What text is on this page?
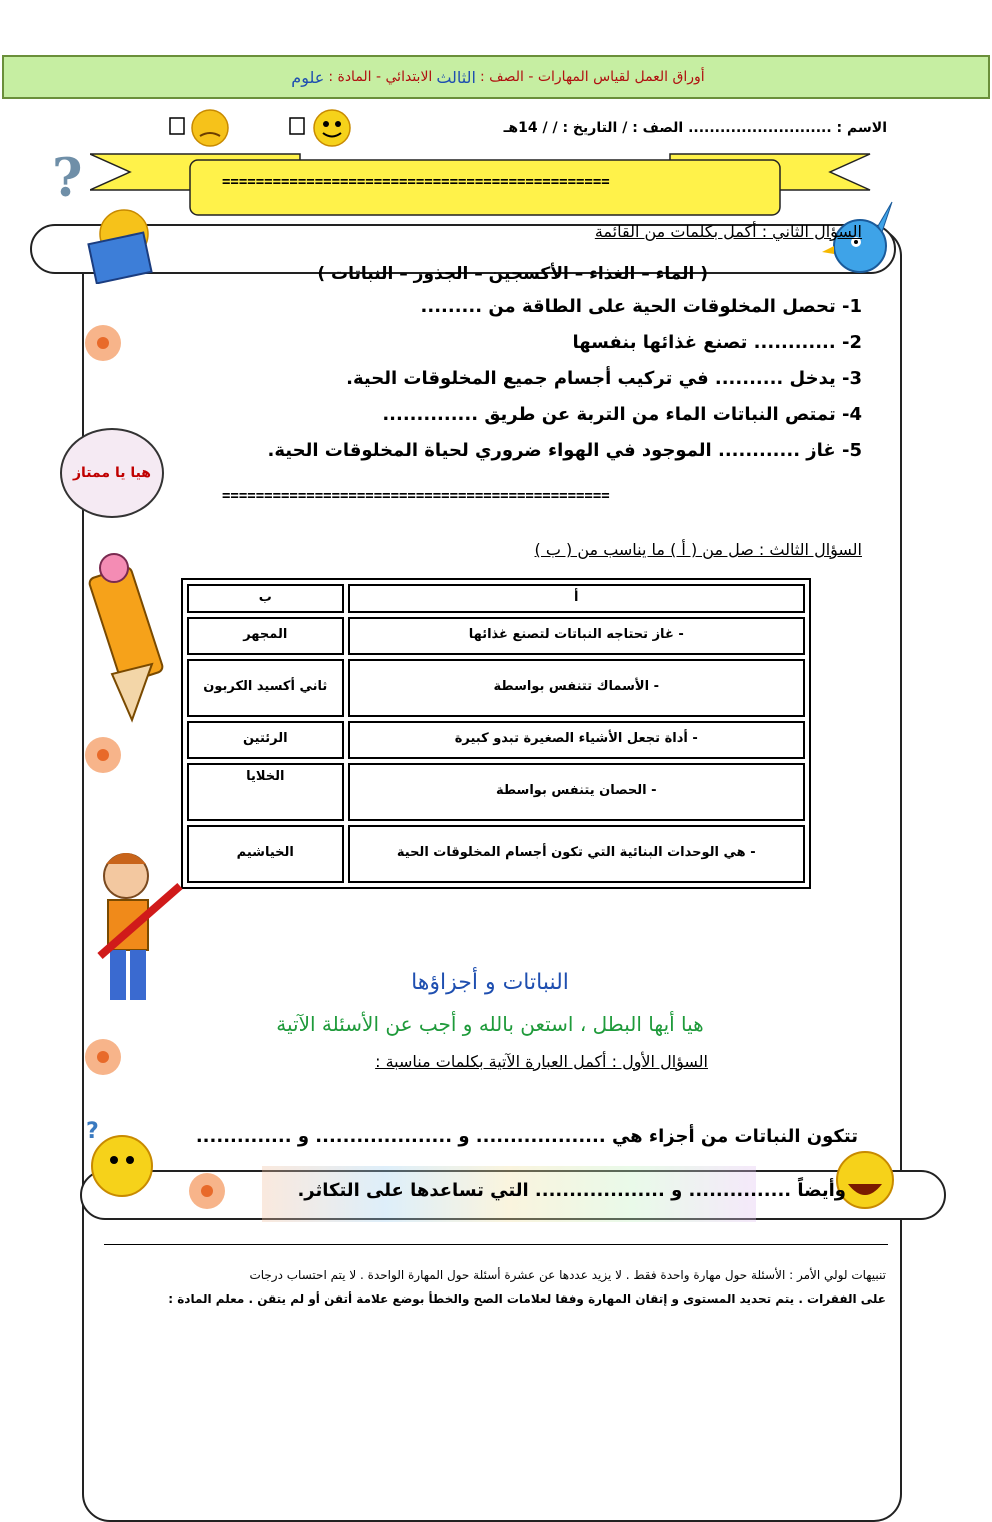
أوراق العمل لقياس المهارات - الصف :
الثالث
الابتدائي - المادة :
علوم
الاسم : ........................... الصف : / التاريخ : / / 14هـ
?	==============================================
السؤال الثاني : أكمل بكلمات من القائمة
( الماء – الغذاء – الأكسجين – الجذور – النباتات )
1- تحصل المخلوقات الحية على الطاقة من .........
2- ............ تصنع غذائها بنفسها
3- يدخل .......... في تركيب أجسام جميع المخلوقات الحية.
4- تمتص النباتات الماء من التربة عن طريق ..............
5- غاز ............ الموجود في الهواء ضروري لحياة المخلوقات الحية.
==============================================
هيا يا ممتاز
السؤال الثالث : صل من ( أ ) ما يناسب من ( ب )
أ	ب
- غاز تحتاجه النباتات لتصنع غذائها	المجهر
- الأسماك تتنفس بواسطة	ثاني أكسيد الكربون
- أداة تجعل الأشياء الصغيرة تبدو كبيرة	الرئتين
- الحصان يتنفس بواسطة	الخلايا
- هي الوحدات البنائية التي تكون أجسام المخلوقات الحية	الخياشيم
النباتات و أجزاؤها
هيا أيها البطل ، استعن بالله و أجب عن الأسئلة الآتية
السؤال الأول : أكمل العبارة الآتية بكلمات مناسبة :
تتكون النباتات من أجزاء هي ................... و .................... و ..............
?
وأيضاً ............... و ................... التي تساعدها على التكاثر.
تنبيهات لولي الأمر : الأسئلة حول مهارة واحدة فقط . لا يزيد عددها عن عشرة أسئلة حول المهارة الواحدة . لا يتم احتساب درجات
على الفقرات . يتم تحديد المستوى و إتقان المهارة وفقا لعلامات الصح والخطأ بوضع علامة أتقن أو لم يتقن . معلم المادة :
